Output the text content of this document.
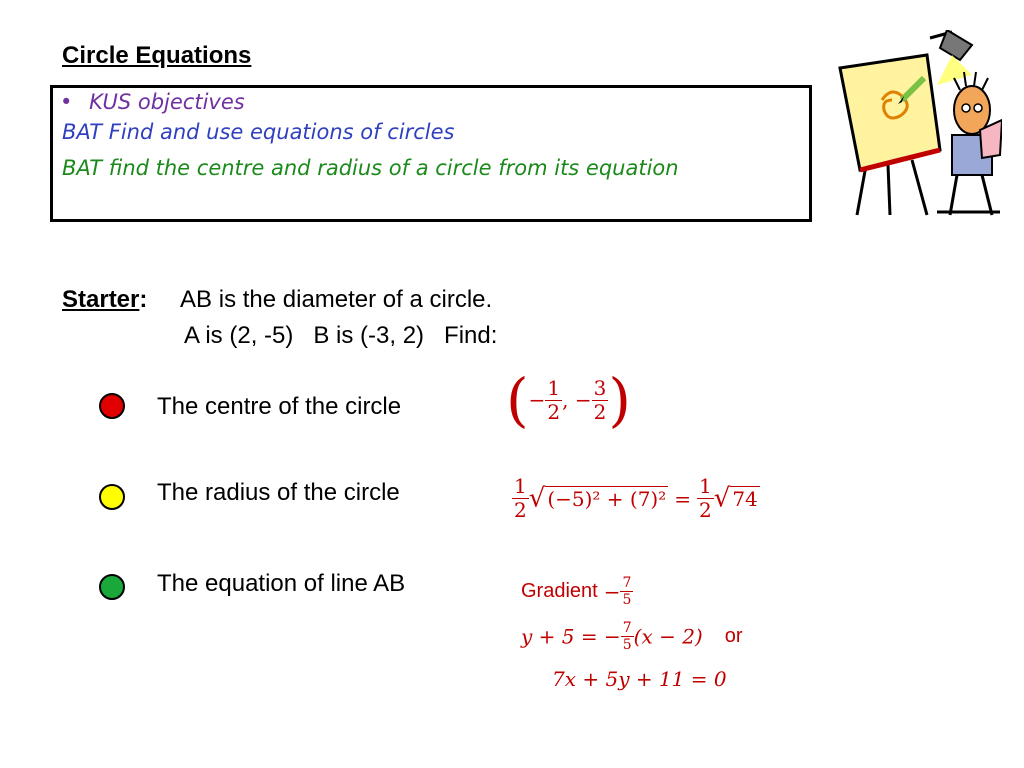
Circle Equations
• KUS objectives
BAT Find and use equations of circles
BAT find the centre and radius of a circle from its equation
Starter: AB is the diameter of a circle.
A is (2, -5)   B is (-3, 2)   Find:
The centre of the circle
The radius of the circle
The equation of line AB
(− $\frac{1}{2}$ , − $\frac{3}{2}$ )
$\frac{1}{2}$ √ $(-5)^2 + (7)^2 = \frac{1}{2}$ √ 74
Gradient − $\frac{7}{5}$
y + 5 = − $\frac{7}{5} (x - 2)$ or
7x + 5y + 11 = 0
